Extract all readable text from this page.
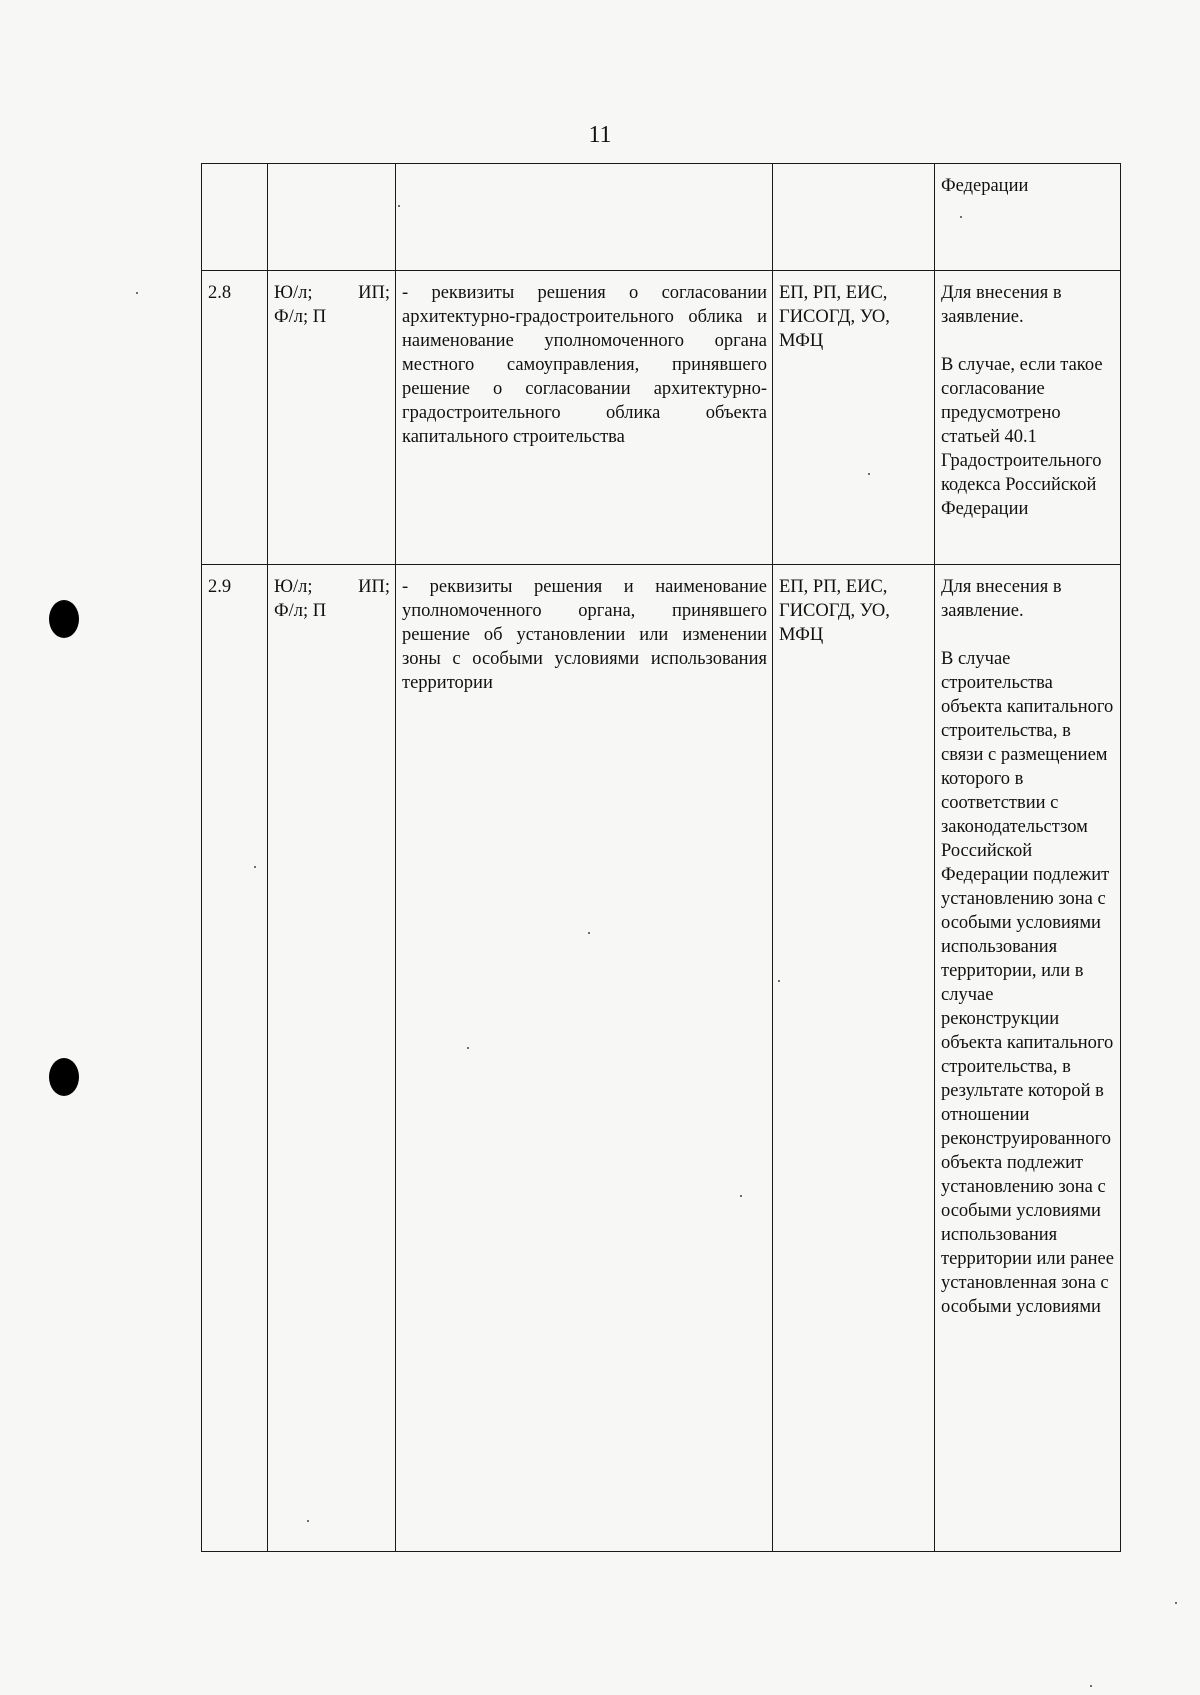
11

				Федерации

2.8	Ю/л; ИП;
Ф/л; П	- реквизиты решения о согласовании архитектурно-градостроительного облика и наименование уполномоченного органа местного самоуправления, принявшего решение о согласовании архитектурно-градостроительного облика объекта капитального строительства	ЕП, РП, ЕИС, ГИСОГД, УО, МФЦ	Для внесения в заявление.
В случае, если такое согласование предусмотрено статьей 40.1 Градостроительного кодекса Российской Федерации

2.9	Ю/л; ИП;
Ф/л; П	- реквизиты решения и наименование уполномоченного органа, принявшего решение об установлении или изменении зоны с особыми условиями использования территории	ЕП, РП, ЕИС, ГИСОГД, УО, МФЦ	Для внесения в заявление.
В случае строительства объекта капитального строительства, в связи с размещением которого в соответствии с законодательстзом Российской Федерации подлежит установлению зона с особыми условиями использования территории, или в случае реконструкции объекта капитального строительства, в результате которой в отношении реконструированного объекта подлежит установлению зона с особыми условиями использования территории или ранее установленная зона с особыми условиями
